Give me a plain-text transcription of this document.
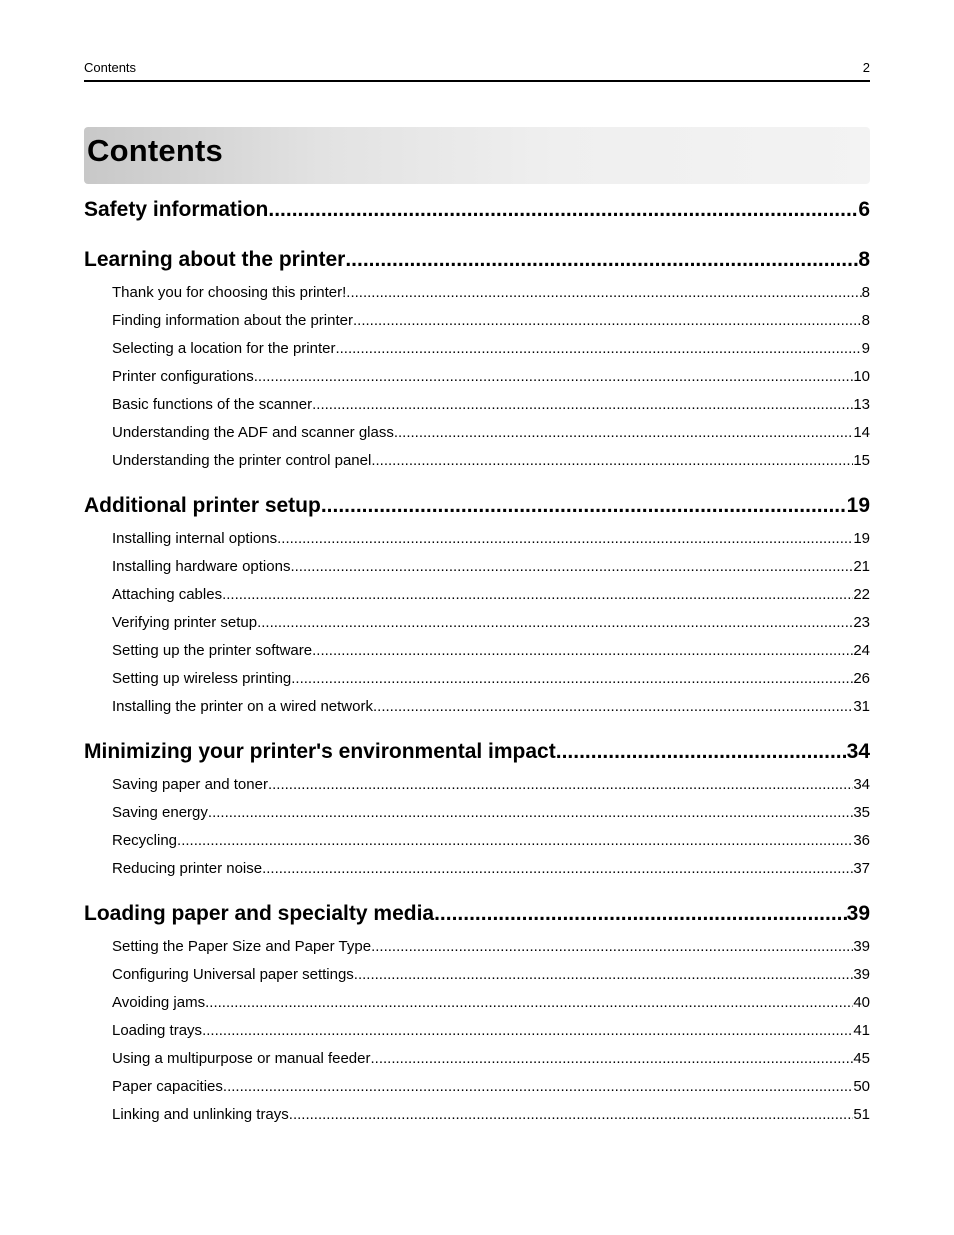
Contents	2
Contents
Safety information .....	6
Learning about the printer .....	8
Thank you for choosing this printer! .....	8
Finding information about the printer .....	8
Selecting a location for the printer .....	9
Printer configurations .....	10
Basic functions of the scanner .....	13
Understanding the ADF and scanner glass .....	14
Understanding the printer control panel .....	15
Additional printer setup .....	19
Installing internal options .....	19
Installing hardware options .....	21
Attaching cables .....	22
Verifying printer setup .....	23
Setting up the printer software .....	24
Setting up wireless printing .....	26
Installing the printer on a wired network .....	31
Minimizing your printer's environmental impact .....	34
Saving paper and toner .....	34
Saving energy .....	35
Recycling .....	36
Reducing printer noise .....	37
Loading paper and specialty media .....	39
Setting the Paper Size and Paper Type .....	39
Configuring Universal paper settings .....	39
Avoiding jams .....	40
Loading trays .....	41
Using a multipurpose or manual feeder .....	45
Paper capacities .....	50
Linking and unlinking trays .....	51
